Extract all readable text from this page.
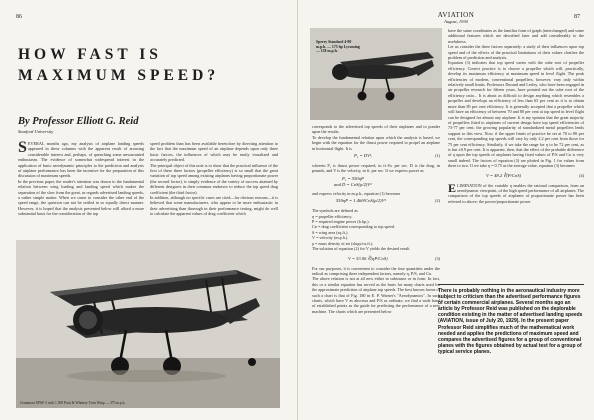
86
HOW FAST IS
MAXIMUM SPEED?
By Professor Elliott G. Reid
Stanford University
S EVERAL months ago, my analysis of airplane landing speeds appeared in these columns with the apparent result of arousing considerable interest and, perhaps, of quenching some unwarranted enthusiasm. The evidence of somewhat widespread interest in the application of basic aerodynamic principles to the prediction and analysis of airplane performance has been the incentive for the preparation of this discussion of maximum speeds.
In the previous paper, the reader's attention was drawn to the fundamental relation between wing loading and landing speed which makes the separation of the slow from the great, as regards advertised landing speeds, a rather simple matter. When we come to consider the other end of the speed range, the question can not be settled in so equally direct manner. However, it is hoped that the analysis presented below will afford a more substantial basis for the consideration of the top
speed problem than has been available heretofore by directing attention to the fact that the maximum speed of an airplane depends upon only three basic factors, the influences of which may be easily visualized and accurately predicted.
The principal object of this note is to show that the practical influence of the first of these three factors (propeller efficiency) is so small that the great variation of top speed among existing airplanes having proportionate power (the second factor), is simply evidence of the variety of success attained by different designers in their common endeavor to reduce the top speed drag coefficient (the third factor).
In addition, although no specific cases are cited—for obvious reasons—it is believed that some manufacturers, who appear to be more enthusiastic in their advertising than thorough in their performance testing, might do well to calculate the apparent values of drag coefficient which
Grumman XF6F-3 with 1,500 Pratt & Whitney Twin Wasp — 375 m.p.h.
AVIATION
August, 1930
87
Sperry Standard 4-90 m.p.h. — 175 hp Lycoming — 138 m.p.h.

corresponds to the advertised top speeds of their airplanes and to ponder upon the results.
To develop the fundamental relation upon which the analysis is based, we begin with the equation for the thrust power required to propel an airplane in horizontal flight. It is

P₁ = DV¹,	(1)

wherein P₁ is thrust power required, in ft.-lb. per sec. D is the drag, in pounds, and V is the velocity, in ft. per sec. If we express power as

P₁ = 550ηP
and D = CᴅS(ρ/2)V²

and express velocity in m.p.h., equation (1) becomes

550ηP = 1.466³CᴅS(ρ/2)V³	(2)

The symbols are defined as
η = propeller efficiency.
P = required engine power (b.hp.).
Cᴅ = drag coefficient corresponding to top speed.
S = wing area (sq.ft.).
V = velocity (m.p.h.).
ρ = mass density of air (slugs/cu.ft.).
The solution of equation (2) for V yields the desired result

V = 53.06 ∛(ηP/CᴅS)	(3)

For our purposes, it is convenient to consider the four quantities under the radical as comprising three independent factors, namely η, P/S, and Cᴅ.
The above relation is not at all new either in substance or in form. In fact, this or a similar equation has served as the basis for many charts used for the approximate prediction of airplane top speeds. The best known forms of such a chart is that of Fig. 180 in E. P. Warner's "Aerodynamics". In such charts, which have V as abscissa and P/S as ordinate, we find a wide band of established points as the guide for predicting the performance of a new machine. The charts which are presented below

have the same coordinates as the familiar form of graph (interchanged) and some additional features which are described later and add considerably to the usefulness.
Let us consider the three factors separately: a study of their influences upon top speed and of the effects of the practical limitations of their values clarifies the problem of prediction and analysis.
Equation (3) indicates that top speed varies with the cube root of propeller efficiency. Correct practice is to choose a propeller which will, practically, develop its maximum efficiency at maximum speed in level flight. The peak efficiencies of modern, conventional propellers, however, vary only within relatively small limits. Professors Durand and Lesley, who have been engaged in air propeller research for fifteen years, have pointed out the cube root of the efficiency ratio... It is about as difficult to design anything which resembles a propeller and develops an efficiency of less than 65 per cent as it is to obtain more than 85 per cent efficiency. It is generally accepted that a propeller which will have an efficiency of between 70 and 80 per cent at top speed in level flight can be designed for almost any airplane. It is my opinion that the great majority of propellers fitted to airplanes of current design have top speed efficiencies of 73-77 per cent; the growing popularity of standardized metal propellers lends support to this view. Now, if the upper limits of practice be set at 70 to 80 per cent, the corresponding top speeds will vary by only 2.2 per cent from those for 75 per cent efficiency. Similarly, if we take the range for η to be 72 per cent, as is but ±0.9 per cent. It is apparent, then, that the effect of the probable difference of η upon the top speeds of airplanes having fixed values of P/S and Cᴅ is very small indeed. The factors of equation (3) are plotted in Fig. 1 for values from three to two. If we take η = 0.75 as the average value, equation (3) becomes

V = 48.2 ∛(P/CᴅS)	(4)

ELIMINATION of the variable η enables the rational comparison, from an aerodynamic viewpoint, of the high speed performance of all airplanes. The comparison of the top speeds of airplanes of proportionate power has been referred to above; the power/proportionate power

There is probably nothing in the aeronautical industry more subject to criticism than the advertised performance figures of certain commercial airplanes. Several months ago an article by Professor Reid was published on the deplorable condition existing in the matter of advertised landing speeds (AVIATION, issue of July 20, 1929). In the present paper Professor Reid simplifies much of the mathematical work needed and applies the predictions of maximum speed and compares the advertised figures for a group of conventional planes with the figures obtained by actual test for a group of typical service planes.
